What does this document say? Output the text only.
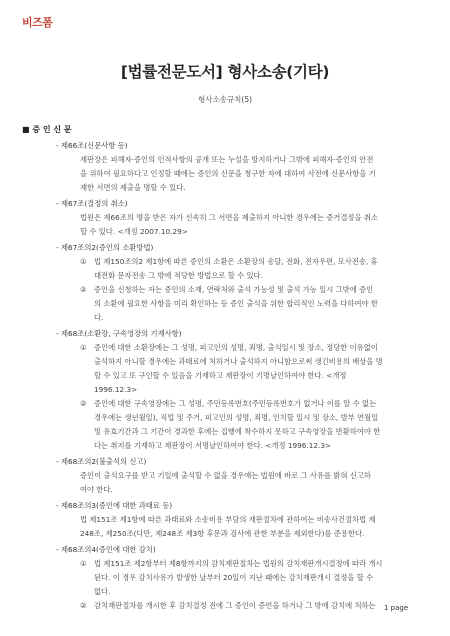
비즈폼
[법률전문도서] 형사소송(기타)
형사소송규칙(5)
■ 증 인 신 문
- 제66조(신문사항 등)
재판장은 피해자·증인의 인적사항의 공개 또는 누설을 방지하거나 그밖에 피해자·증인의 안전
을 위하여 필요하다고 인정할 때에는 증인의 신문을 청구한 자에 대하여 사전에 신문사항을 기
재한 서면의 제출을 명할 수 있다.
- 제67조(결정의 취소)
법원은 제66조의 명을 받은 자가 신속히 그 서면을 제출하지 아니한 경우에는 증거결정을 취소
할 수 있다. <개정 2007.10.29>
- 제67조의2(증인의 소환방법)
①	법 제150조의2 제1항에 따른 증인의 소환은 소환장의 송달, 전화, 전자우편, 모사전송, 휴
대전화 문자전송 그 밖에 적당한 방법으로 할 수 있다.
②	증인을 신청하는 자는 증인의 소재, 연락처와 출석 가능성 및 출석 가능 일시 그밖에 증인
의 소환에 필요한 사항을 미리 확인하는 등 증인 출석을 위한 합리적인 노력을 다하여야 한
다.
- 제68조(소환장, 구속영장의 기재사항)
①	증인에 대한 소환장에는 그 성명, 피고인의 성명, 죄명, 출석일시 및 장소, 정당한 이유없이
출석하지 아니할 경우에는 과태료에 처하거나 출석하지 아니함으로써 생긴비용의 배상을 명
할 수 있고 또 구인할 수 있음을 기재하고 재판장이 기명날인하여야 한다. <개정
1996.12.3>
②	증인에 대한 구속영장에는 그 성명, 주민등록번호(주민등록번호가 없거나 이를 알 수 없는
경우에는 생년월일), 직업 및 주거, 피고인의 성명, 죄명, 인치할 일시 및 장소, 발부 연월일
및 유효기간과 그 기간이 경과한 후에는 집행에 착수하지 못하고 구속영장을 반환하여야 한
다는 취지를 기재하고 재판장이 서명날인하여야 한다. <개정 1996.12.3>
- 제68조의2(불출석의 신고)
증인이 출석요구를 받고 기일에 출석할 수 없을 경우에는 법원에 바로 그 사유를 밝혀 신고하
여야 한다.
- 제68조의3(증인에 대한 과태료 등)
법 제151조 제1항에 따른 과태료와 소송비용 부담의 재판절차에 관하여는 비송사건절차법 제
248조, 제250조(다만, 제248조 제3항 후문과 검사에 관한 부분을 제외한다)를 준용한다.
- 제68조의4(증인에 대한 감치)
①	법 제151조 제2항부터 제8항까지의 감치재판절차는 법원의 감치재판개시결정에 따라 개시
된다. 이 경우 감치사유가 발생한 날부터 20일이 지난 때에는 감치재판개시 결정을 할 수
없다.
②	감치재판절차를 개시한 후 감치결정 전에 그 증인이 증언을 하거나 그 밖에 감치에 처하는	1 page
